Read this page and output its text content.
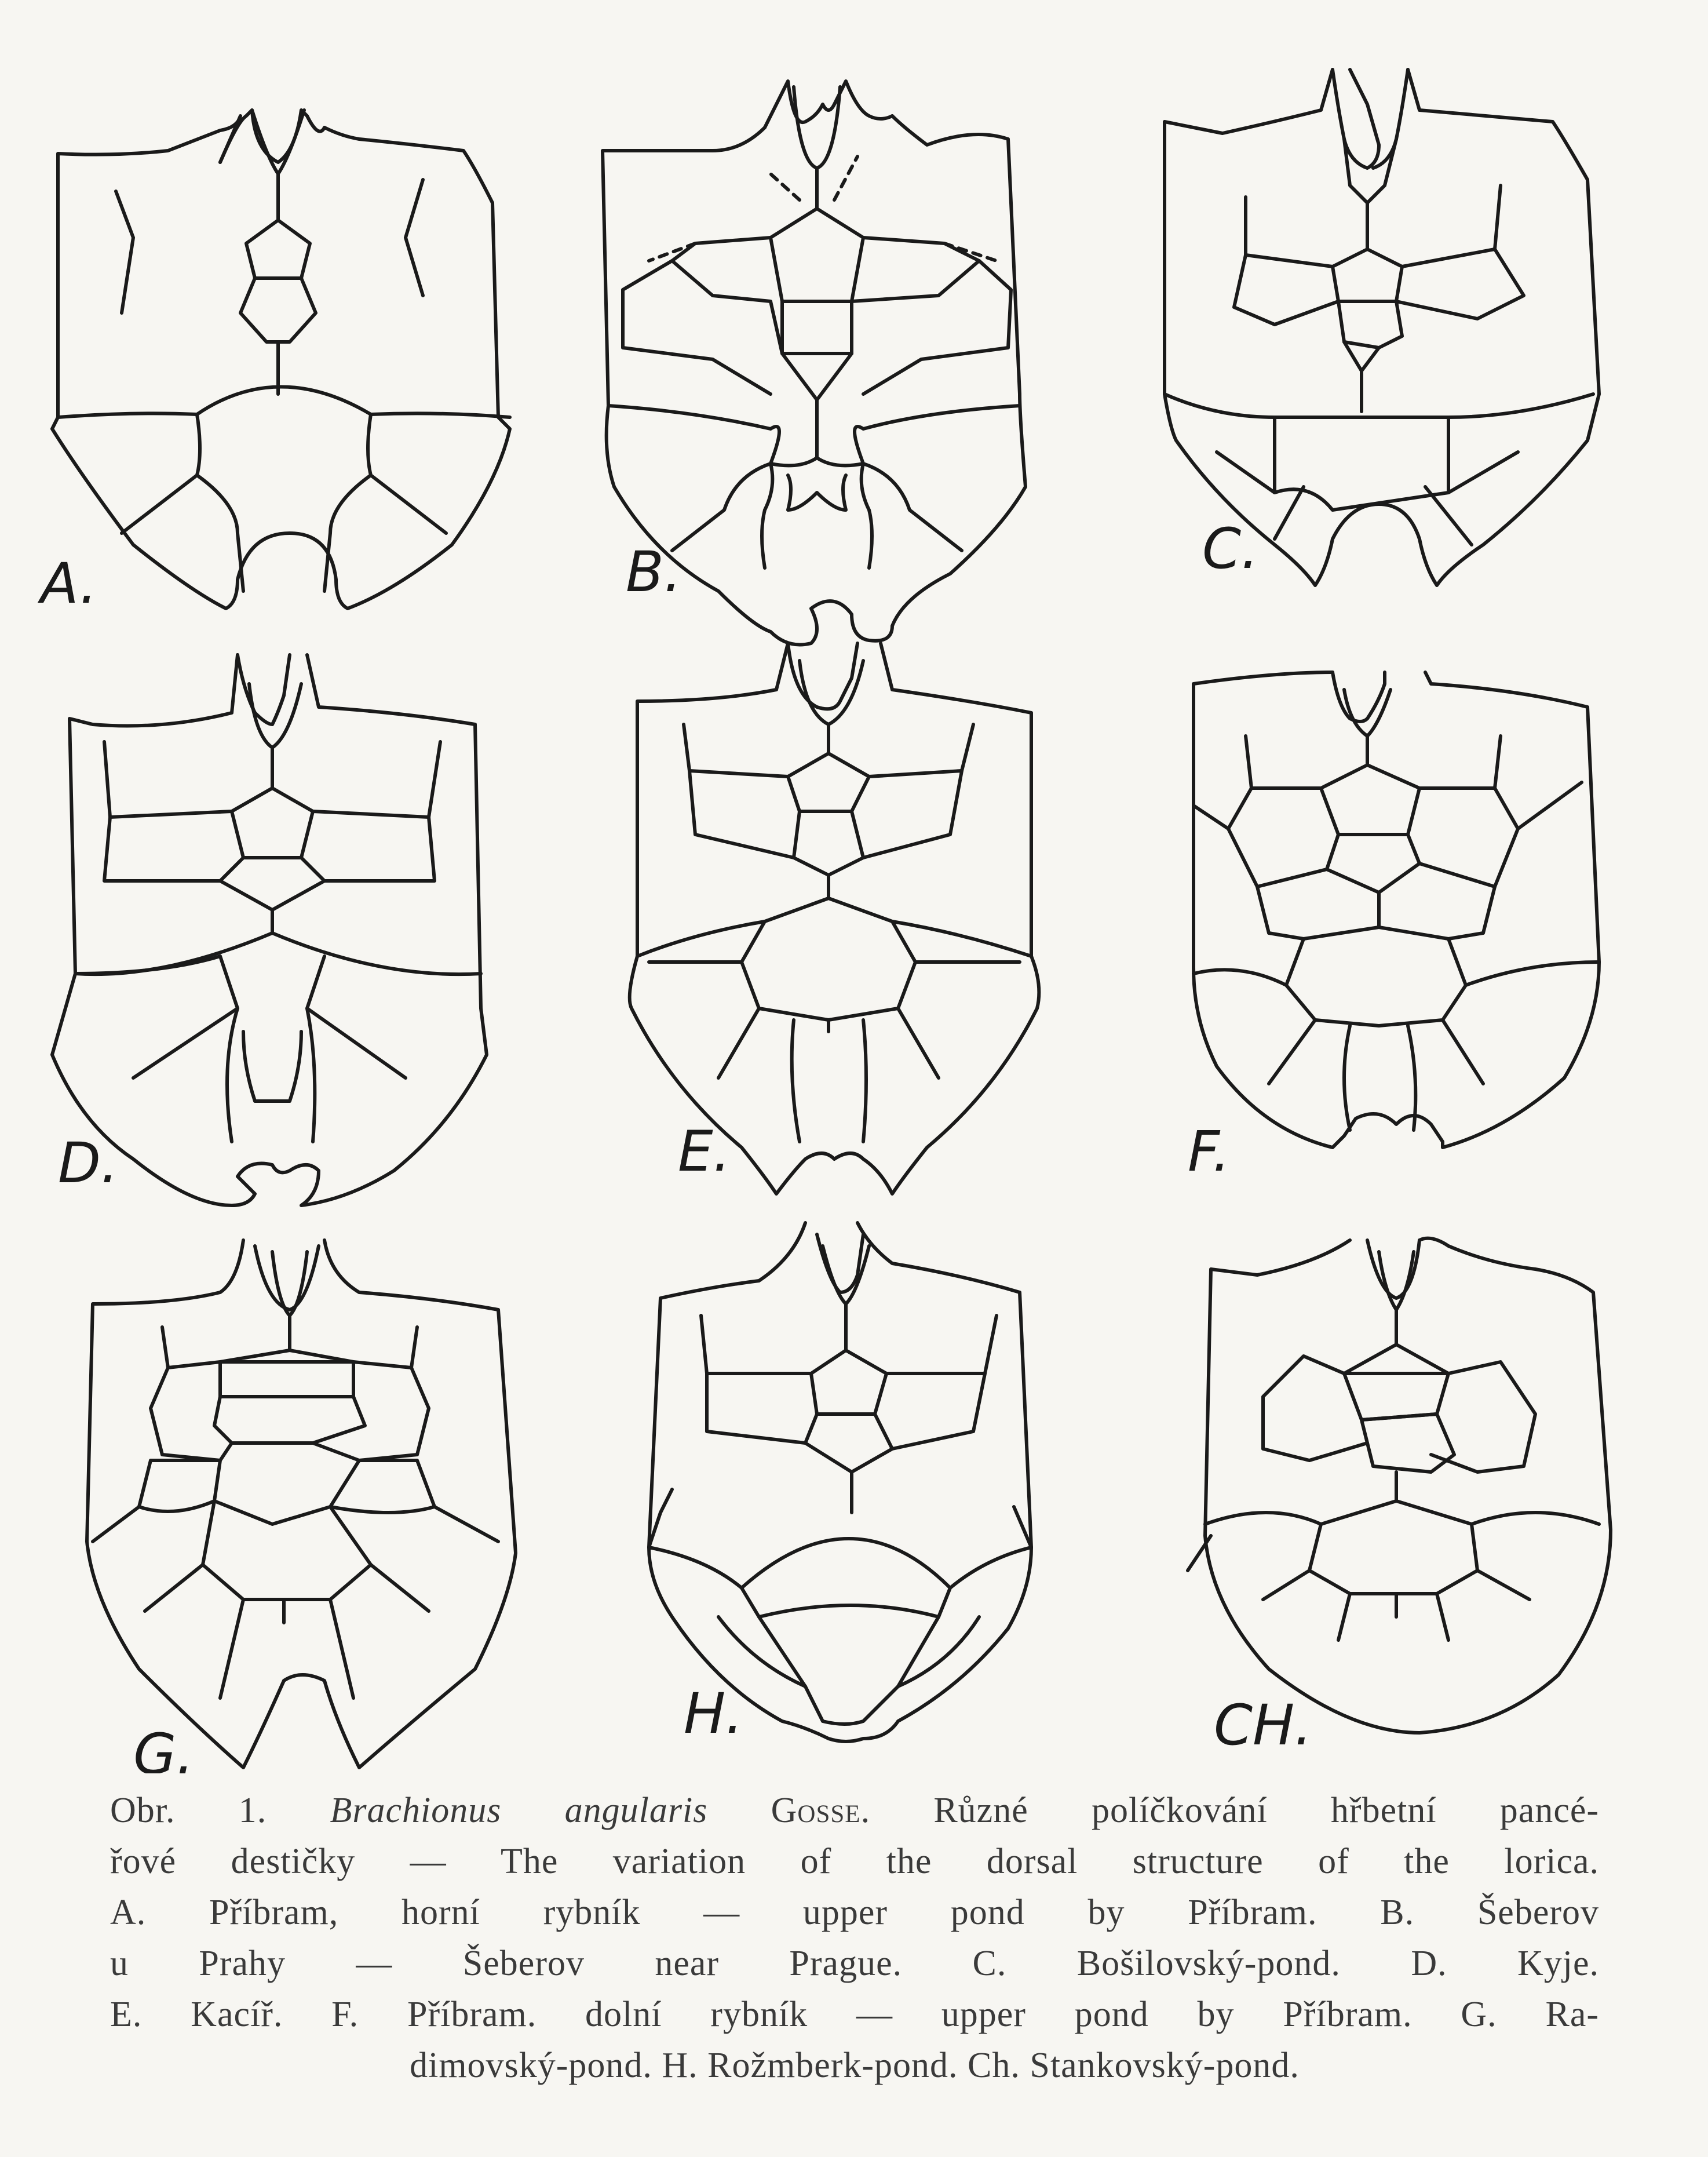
A.	B.	C.
D.	E.	F.
G.
H.	CH.
Obr. 1. Brachionus angularis Gosse. Různé políčkování hřbetní pancé-
řové destičky — The variation of the dorsal structure of the lorica.
A. Příbram, horní rybník — upper pond by Příbram. B. Šeberov
u Prahy — Šeberov near Prague. C. Bošilovský-pond. D. Kyje.
E. Kacíř. F. Příbram. dolní rybník — upper pond by Příbram. G. Ra-
dimovský-pond. H. Rožmberk-pond. Ch. Stankovský-pond.
